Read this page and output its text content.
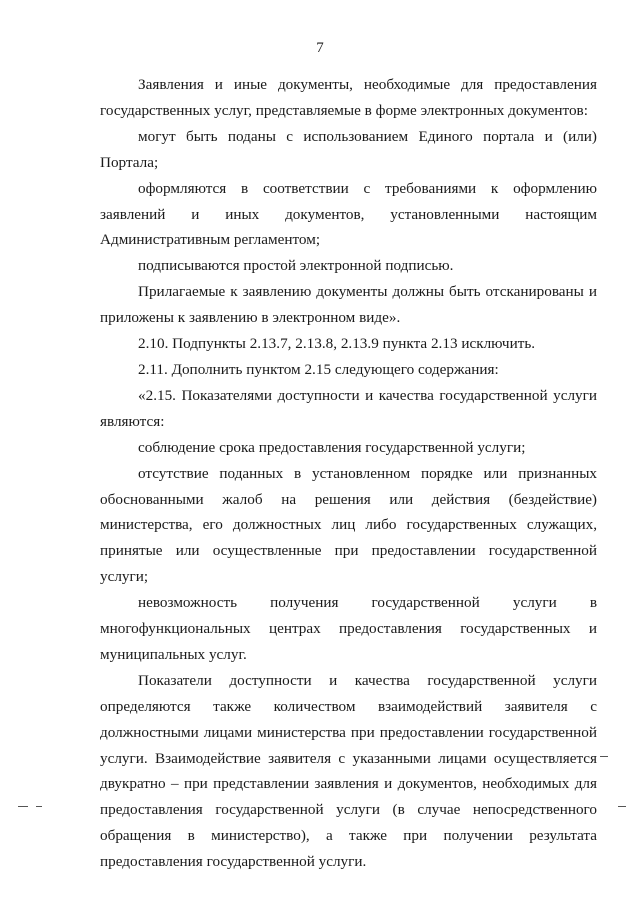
7

Заявления и иные документы, необходимые для предоставления государственных услуг, представляемые в форме электронных документов:

могут быть поданы с использованием Единого портала и (или) Портала;

оформляются в соответствии с требованиями к оформлению заявлений и иных документов, установленными настоящим Административным регламентом;

подписываются простой электронной подписью.

Прилагаемые к заявлению документы должны быть отсканированы и приложены к заявлению в электронном виде».

2.10. Подпункты 2.13.7, 2.13.8, 2.13.9 пункта 2.13 исключить.

2.11. Дополнить пунктом 2.15 следующего содержания:

«2.15. Показателями доступности и качества государственной услуги являются:

соблюдение срока предоставления государственной услуги;

отсутствие поданных в установленном порядке или признанных обоснованными жалоб на решения или действия (бездействие) министерства, его должностных лиц либо государственных служащих, принятые или осуществленные при предоставлении государственной услуги;

невозможность получения государственной услуги в многофункциональных центрах предоставления государственных и муниципальных услуг.

Показатели доступности и качества государственной услуги определяются также количеством взаимодействий заявителя с должностными лицами министерства при предоставлении государственной услуги. Взаимодействие заявителя с указанными лицами осуществляется двукратно – при представлении заявления и документов, необходимых для предоставления государственной услуги (в случае непосредственного обращения в министерство), а также при получении результата предоставления государственной услуги.
